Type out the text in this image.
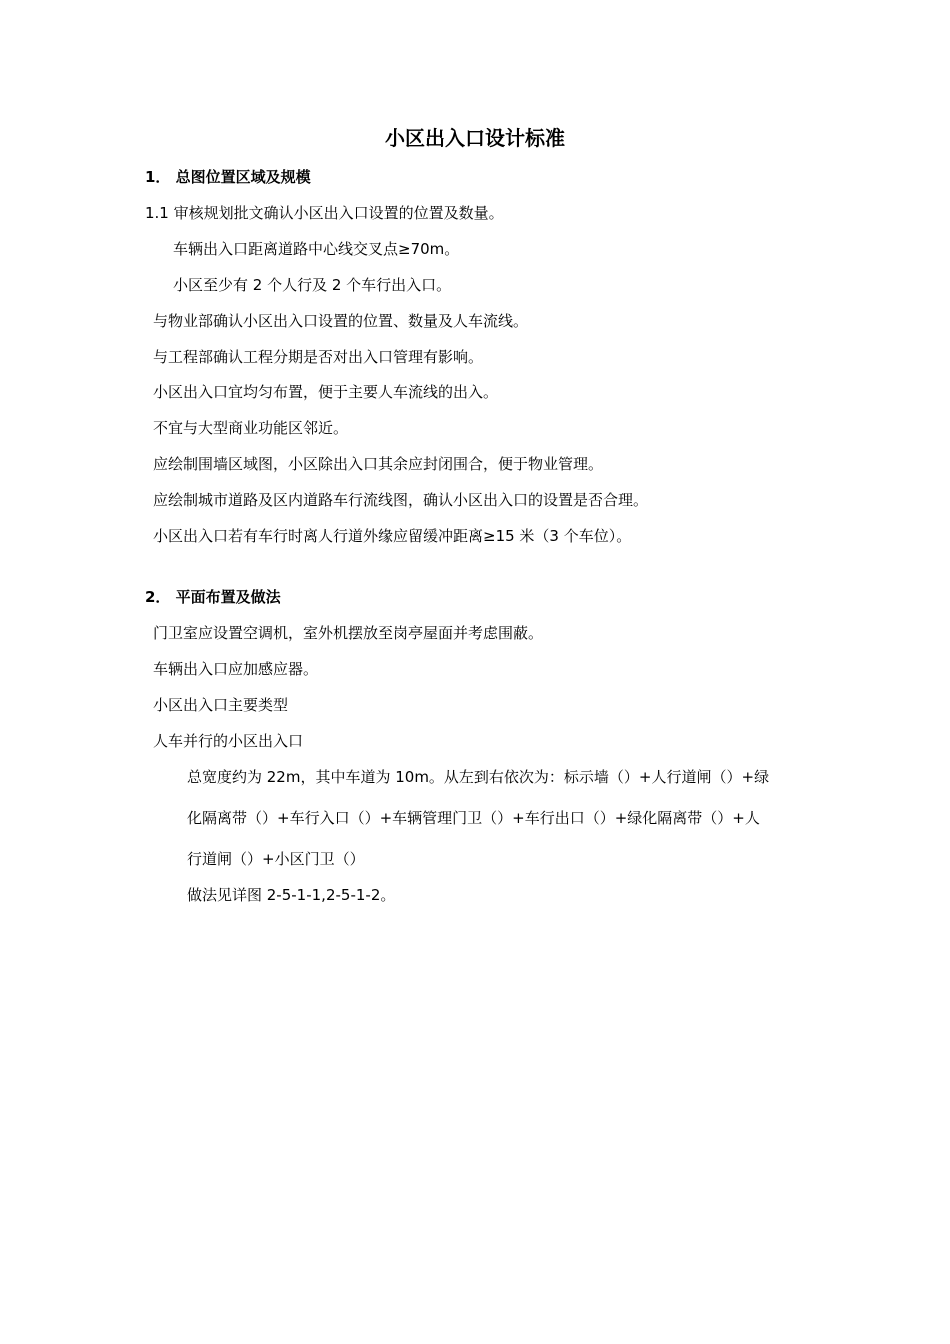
小区出入口设计标准
1． 总图位置区域及规模
1.1 审核规划批文确认小区出入口设置的位置及数量。
车辆出入口距离道路中心线交叉点≥70m。
小区至少有 2 个人行及 2 个车行出入口。
与物业部确认小区出入口设置的位置、数量及人车流线。
与工程部确认工程分期是否对出入口管理有影响。
小区出入口宜均匀布置，便于主要人车流线的出入。
不宜与大型商业功能区邻近。
应绘制围墙区域图，小区除出入口其余应封闭围合，便于物业管理。
应绘制城市道路及区内道路车行流线图，确认小区出入口的设置是否合理。
小区出入口若有车行时离人行道外缘应留缓冲距离≥15 米（3 个车位）。
2． 平面布置及做法
门卫室应设置空调机，室外机摆放至岗亭屋面并考虑围蔽。
车辆出入口应加感应器。
小区出入口主要类型
人车并行的小区出入口
总宽度约为 22m，其中车道为 10m。从左到右依次为：标示墙（）+人行道闸（）+绿
化隔离带（）+车行入口（）+车辆管理门卫（）+车行出口（）+绿化隔离带（）+人
行道闸（）+小区门卫（）
做法见详图 2-5-1-1,2-5-1-2。
